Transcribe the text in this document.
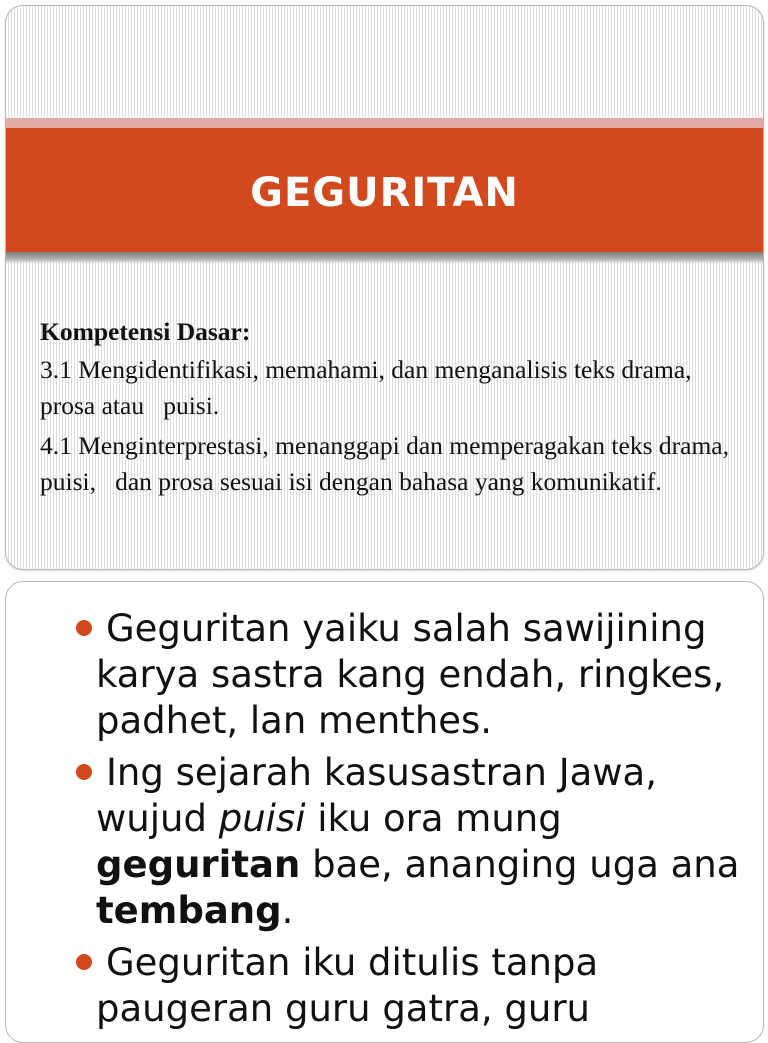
GEGURITAN
Kompetensi Dasar:

3.1 Mengidentifikasi, memahami, dan menganalisis teks drama, prosa atau   puisi.

4.1 Menginterprestasi, menanggapi dan memperagakan teks drama, puisi,   dan prosa sesuai isi dengan bahasa yang komunikatif.

Geguritan yaiku salah sawijining karya sastra kang endah, ringkes, padhet, lan menthes.
Ing sejarah kasusastran Jawa, wujud puisi iku ora mung geguritan bae, ananging uga ana tembang.
Geguritan iku ditulis tanpa paugeran guru gatra, guru
